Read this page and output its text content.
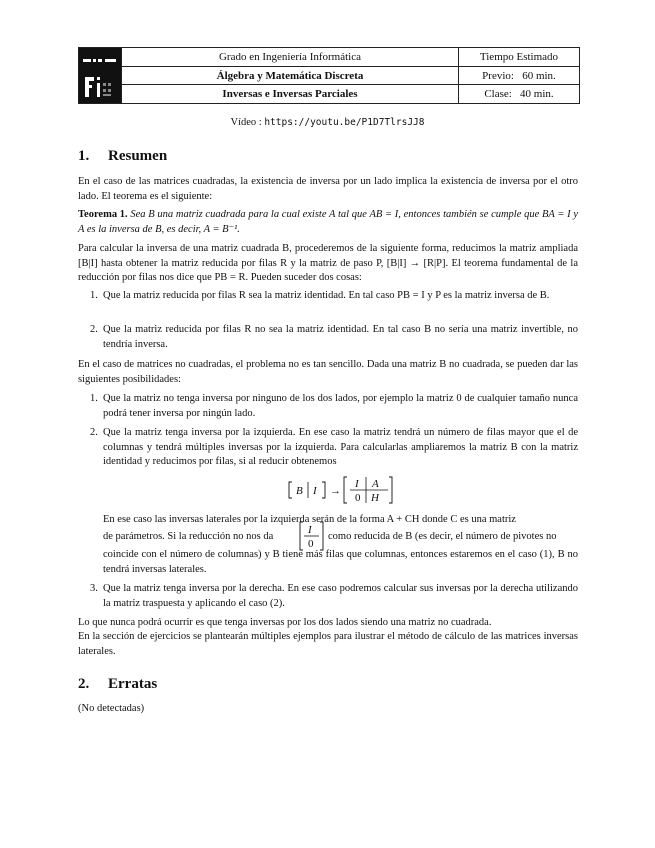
Grado en Ingeniería Informática
Álgebra y Matemática Discreta
Inversas e Inversas Parciales
Tiempo Estimado
Previo:   60 min.
Clase:   40 min.
Vídeo : https://youtu.be/P1D7TlrsJJ8
1. Resumen
En el caso de las matrices cuadradas, la existencia de inversa por un lado implica la existencia de inversa por el otro lado. El teorema es el siguiente:
Teorema 1. Sea B una matriz cuadrada para la cual existe A tal que AB = I, entonces también se cumple que BA = I y A es la inversa de B, es decir, A = B⁻¹.
Para calcular la inversa de una matriz cuadrada B, procederemos de la siguiente forma, reducimos la matriz ampliada [B|I] hasta obtener la matriz reducida por filas R y la matriz de paso P, [B|I] → [R|P]. El teorema fundamental de la reducción por filas nos dice que PB = R. Pueden suceder dos cosas:
1. Que la matriz reducida por filas R sea la matriz identidad. En tal caso PB = I y P es la matriz inversa de B.
2. Que la matriz reducida por filas R no sea la matriz identidad. En tal caso B no sería una matriz invertible, no tendría inversa.
En el caso de matrices no cuadradas, el problema no es tan sencillo. Dada una matriz B no cuadrada, se pueden dar las siguientes posibilidades:
1. Que la matriz no tenga inversa por ninguno de los dos lados, por ejemplo la matriz 0 de cualquier tamaño nunca podrá tener inversa por ningún lado.
2. Que la matriz tenga inversa por la izquierda. En ese caso la matriz tendrá un número de filas mayor que el de columnas y tendrá múltiples inversas por la izquierda. Para calcularlas ampliaremos la matriz B con la matriz identidad y reducimos por filas, si al reducir obtenemos
B I →
I A
0 H
En ese caso las inversas laterales por la izquierda serán de la forma A + CH donde C es una matriz
de parámetros. Si la reducción no nos da
I
0
como reducida de B (es decir, el número de pivotes no
coincide con el número de columnas) y B tiene más filas que columnas, entonces estaremos en el caso (1), B no tendrá inversas laterales.
3. Que la matriz tenga inversa por la derecha. En ese caso podremos calcular sus inversas por la derecha utilizando la matriz traspuesta y aplicando el caso (2).
Lo que nunca podrá ocurrir es que tenga inversas por los dos lados siendo una matriz no cuadrada.
En la sección de ejercicios se plantearán múltiples ejemplos para ilustrar el método de cálculo de las matrices inversas laterales.
2. Erratas
(No detectadas)
